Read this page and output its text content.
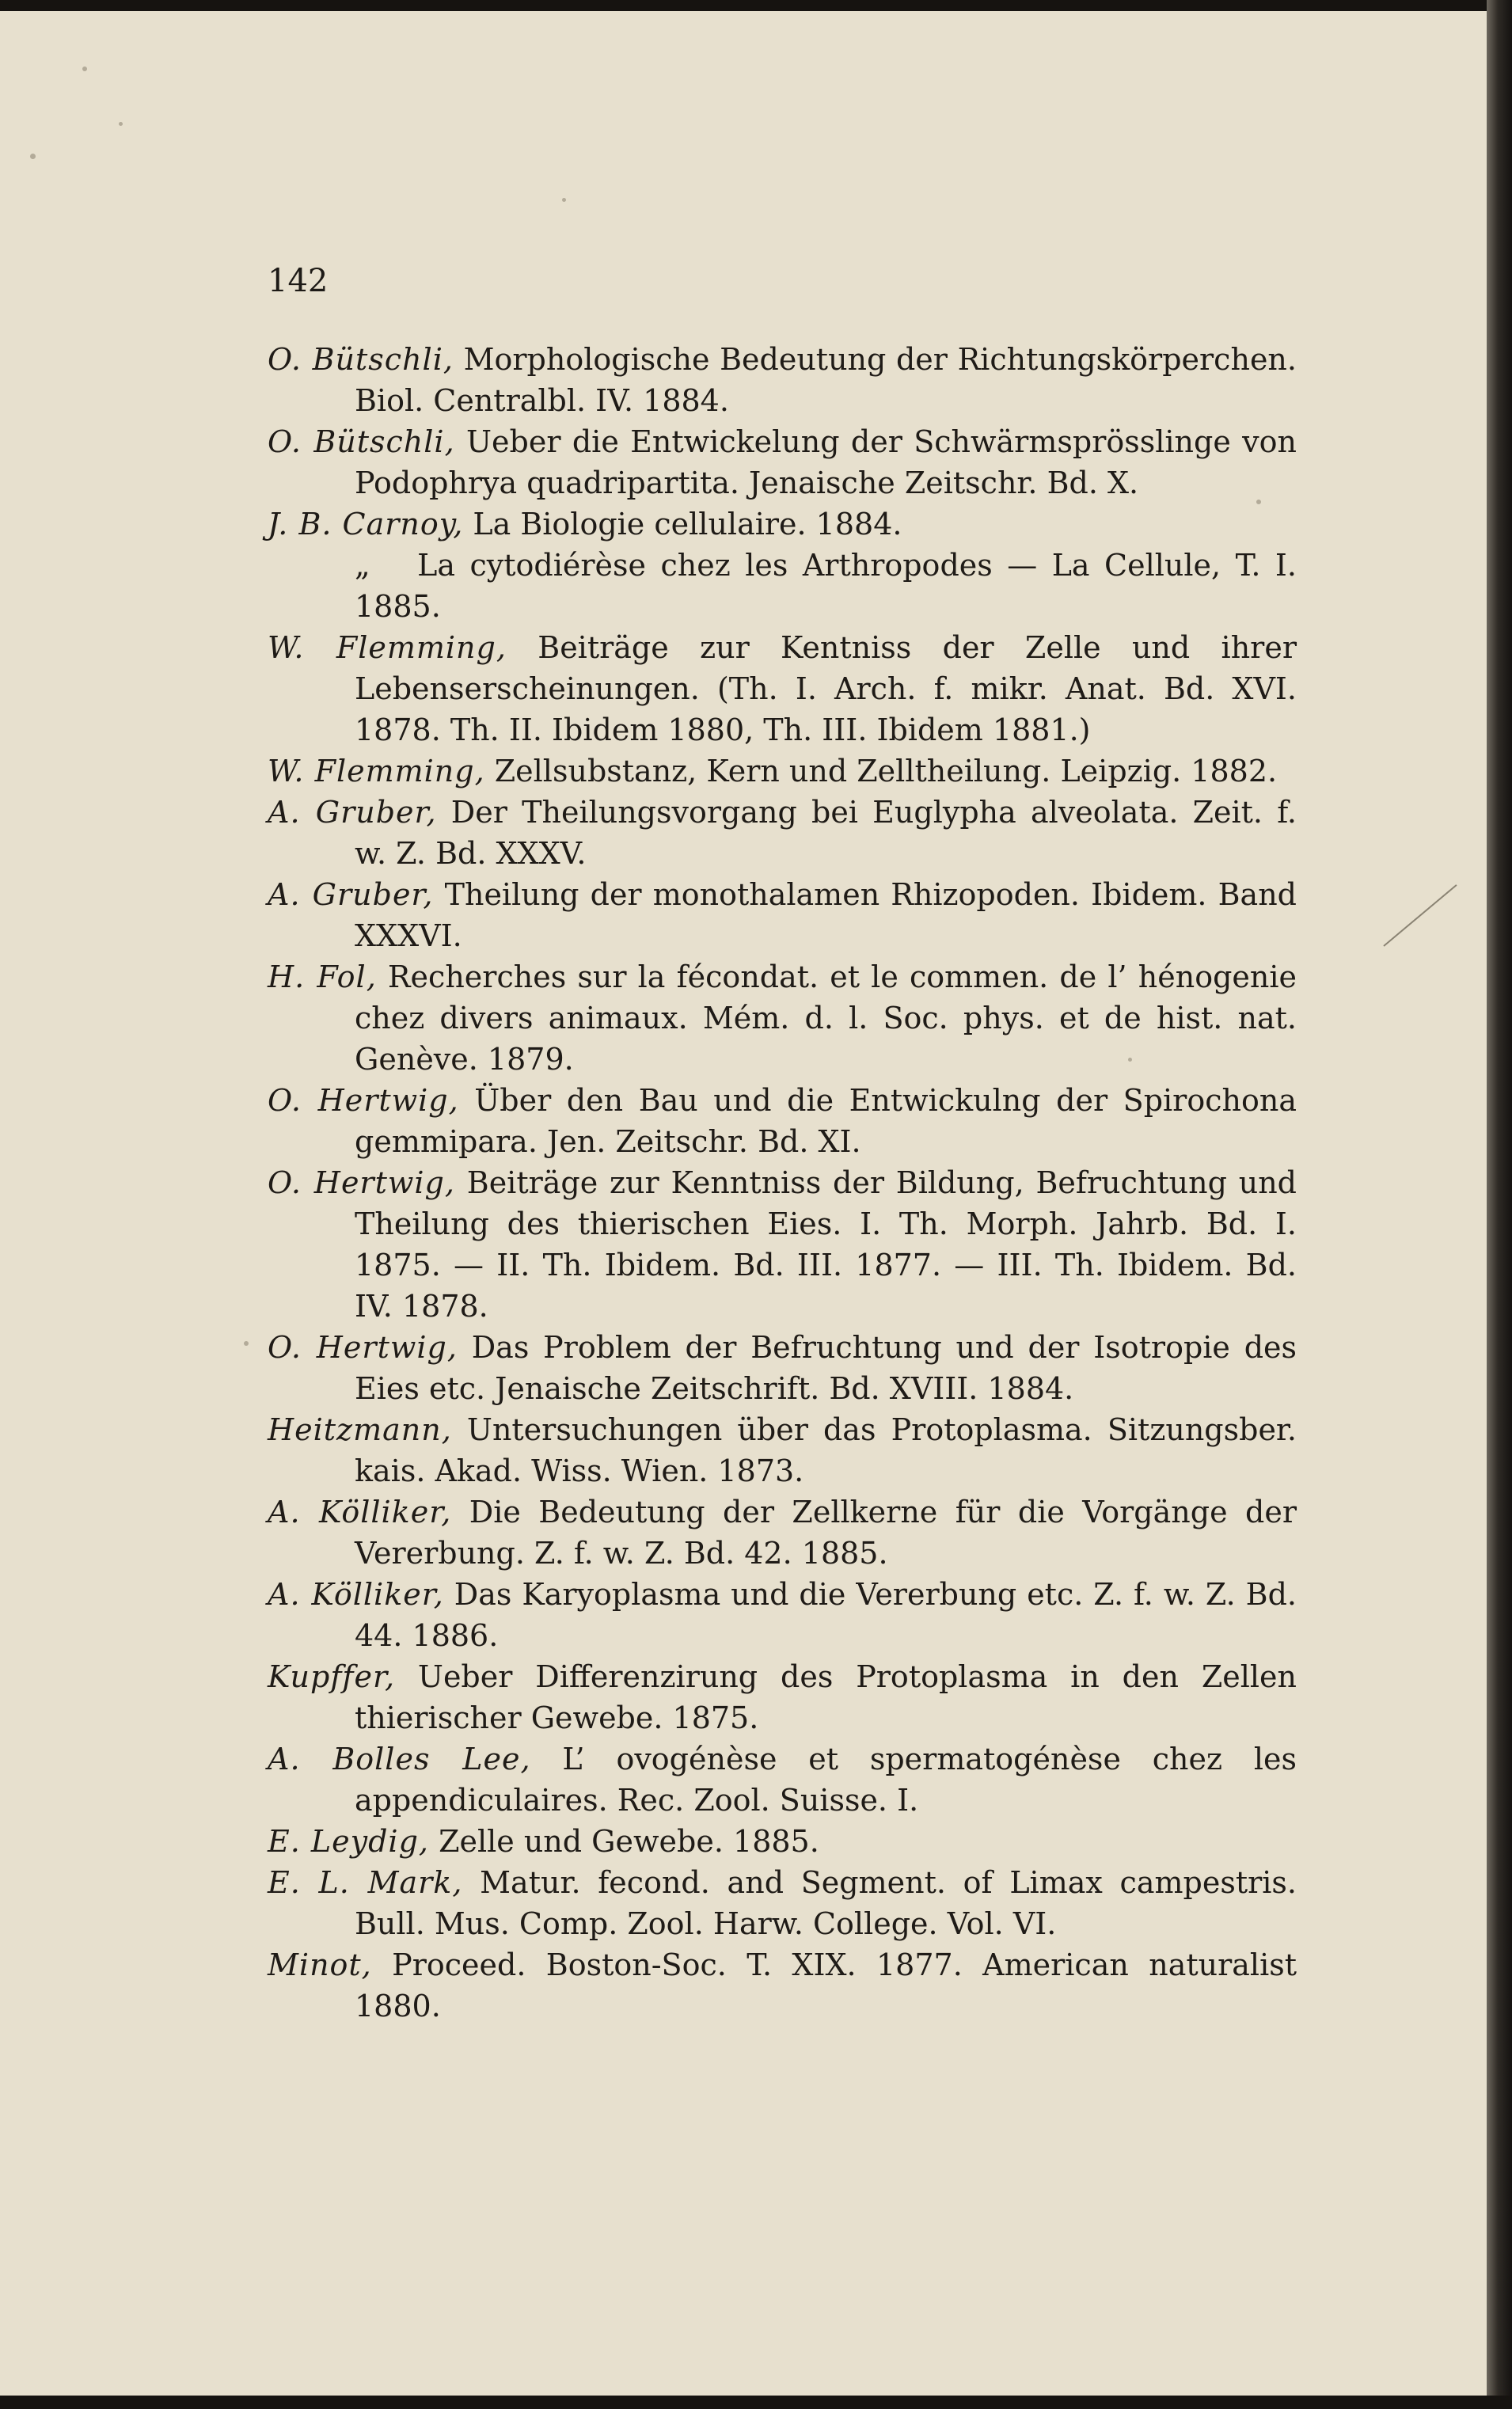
142
O. Bütschli, Morphologische Bedeutung der Richtungskörperchen. Biol. Centralbl. IV. 1884.
O. Bütschli, Ueber die Entwickelung der Schwärmsprösslinge von Podophrya quadripartita. Jenaische Zeitschr. Bd. X.
J. B. Carnoy, La Biologie cellulaire. 1884.
„ La cytodiérèse chez les Arthropodes — La Cellule, T. I. 1885.
W. Flemming, Beiträge zur Kentniss der Zelle und ihrer Lebenserscheinungen. (Th. I. Arch. f. mikr. Anat. Bd. XVI. 1878. Th. II. Ibidem 1880, Th. III. Ibidem 1881.)
W. Flemming, Zellsubstanz, Kern und Zelltheilung. Leipzig. 1882.
A. Gruber, Der Theilungsvorgang bei Euglypha alveolata. Zeit. f. w. Z. Bd. XXXV.
A. Gruber, Theilung der monothalamen Rhizopoden. Ibidem. Band XXXVI.
H. Fol, Recherches sur la fécondat. et le commen. de l’ hénogenie chez divers animaux. Mém. d. l. Soc. phys. et de hist. nat. Genève. 1879.
O. Hertwig, Über den Bau und die Entwickulng der Spirochona gemmipara. Jen. Zeitschr. Bd. XI.
O. Hertwig, Beiträge zur Kenntniss der Bildung, Befruchtung und Theilung des thierischen Eies. I. Th. Morph. Jahrb. Bd. I. 1875. — II. Th. Ibidem. Bd. III. 1877. — III. Th. Ibidem. Bd. IV. 1878.
O. Hertwig, Das Problem der Befruchtung und der Isotropie des Eies etc. Jenaische Zeitschrift. Bd. XVIII. 1884.
Heitzmann, Untersuchungen über das Protoplasma. Sitzungsber. kais. Akad. Wiss. Wien. 1873.
A. Kölliker, Die Bedeutung der Zellkerne für die Vorgänge der Vererbung. Z. f. w. Z. Bd. 42. 1885.
A. Kölliker, Das Karyoplasma und die Vererbung etc. Z. f. w. Z. Bd. 44. 1886.
Kupffer, Ueber Differenzirung des Protoplasma in den Zellen thierischer Gewebe. 1875.
A. Bolles Lee, L’ ovogénèse et spermatogénèse chez les appendiculaires. Rec. Zool. Suisse. I.
E. Leydig, Zelle und Gewebe. 1885.
E. L. Mark, Matur. fecond. and Segment. of Limax campestris. Bull. Mus. Comp. Zool. Harw. College. Vol. VI.
Minot, Proceed. Boston-Soc. T. XIX. 1877. American naturalist 1880.
